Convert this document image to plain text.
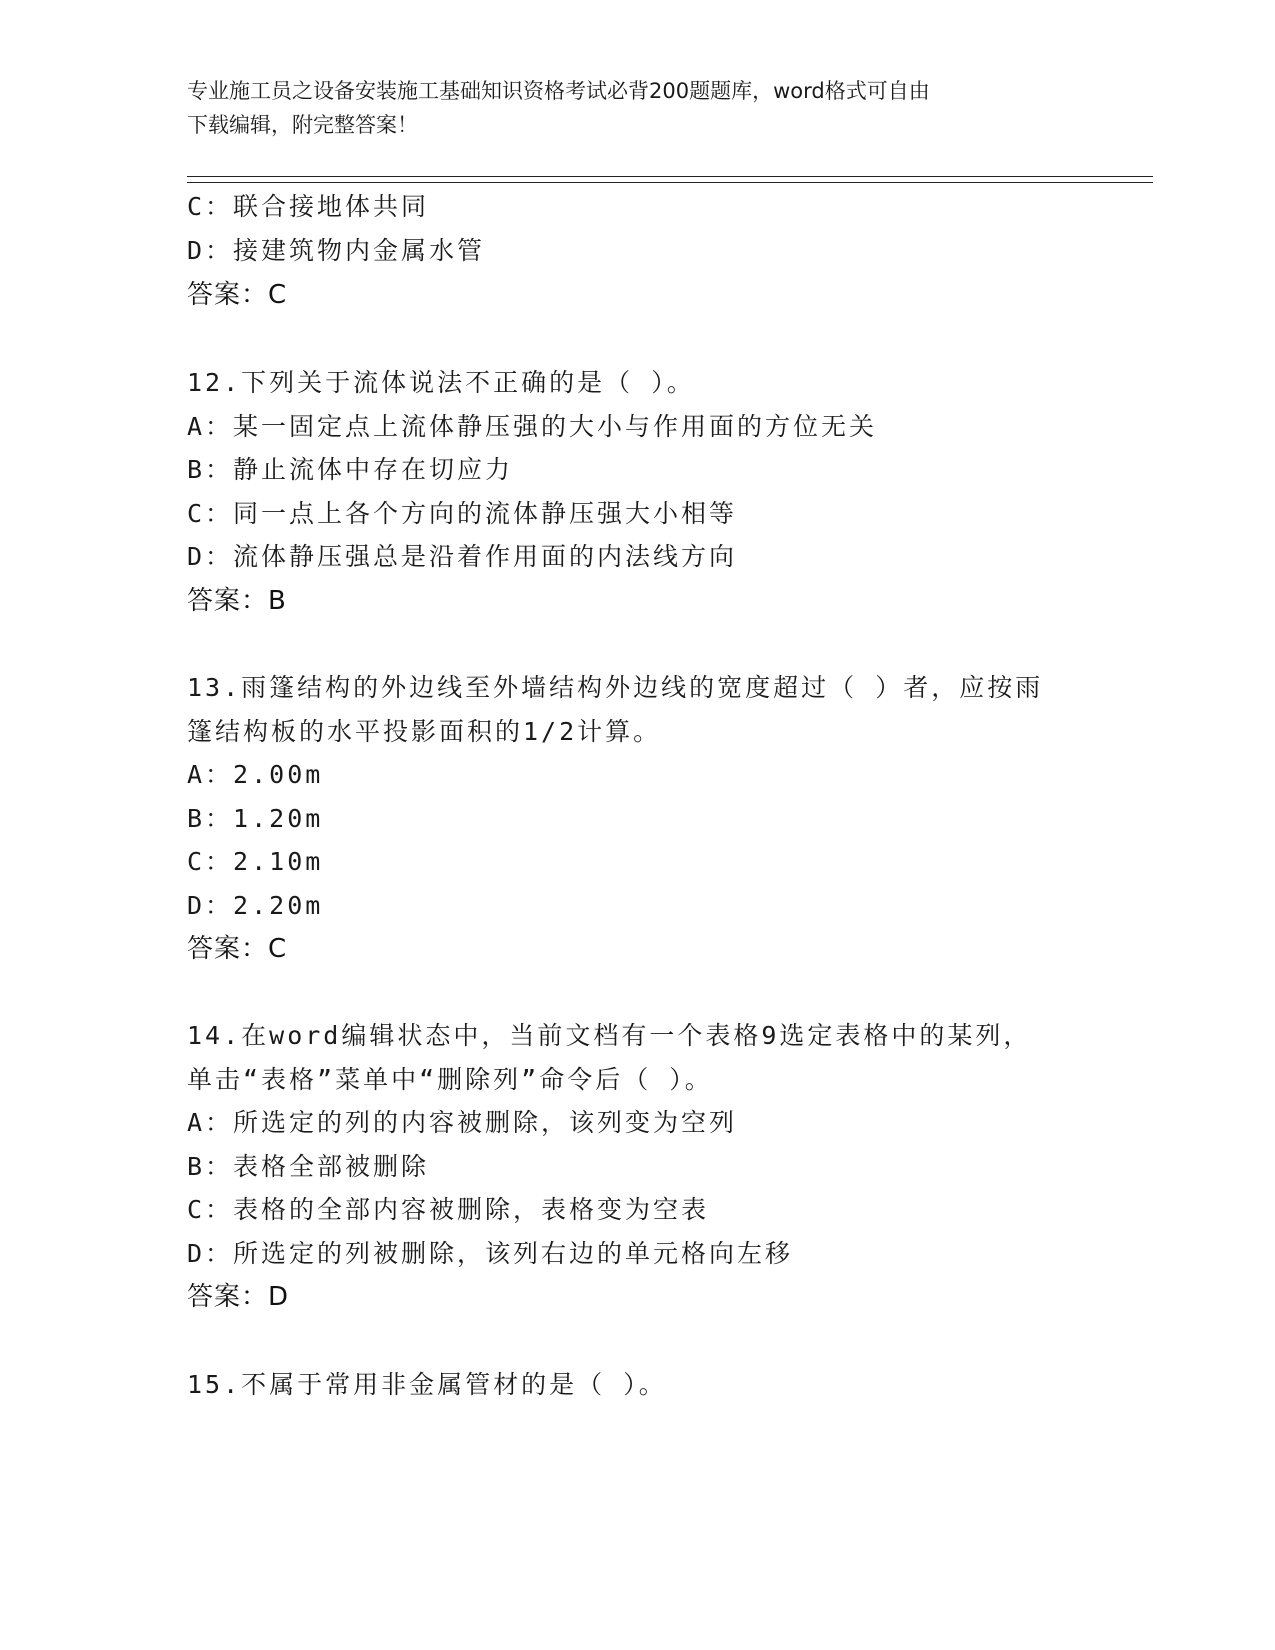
专业施工员之设备安装施工基础知识资格考试必背200题题库，word格式可自由
下载编辑，附完整答案！
C：联合接地体共同
D：接建筑物内金属水管
答案：C
12.下列关于流体说法不正确的是（ ）。
A：某一固定点上流体静压强的大小与作用面的方位无关
B：静止流体中存在切应力
C：同一点上各个方向的流体静压强大小相等
D：流体静压强总是沿着作用面的内法线方向
答案：B
13.雨篷结构的外边线至外墙结构外边线的宽度超过（ ）者，应按雨
篷结构板的水平投影面积的1/2计算。
A：2.00m
B：1.20m
C：2.10m
D：2.20m
答案：C
14.在word编辑状态中，当前文档有一个表格9选定表格中的某列，
单击“表格”菜单中“删除列”命令后（ ）。
A：所选定的列的内容被删除，该列变为空列
B：表格全部被删除
C：表格的全部内容被删除，表格变为空表
D：所选定的列被删除，该列右边的单元格向左移
答案：D
15.不属于常用非金属管材的是（ ）。
